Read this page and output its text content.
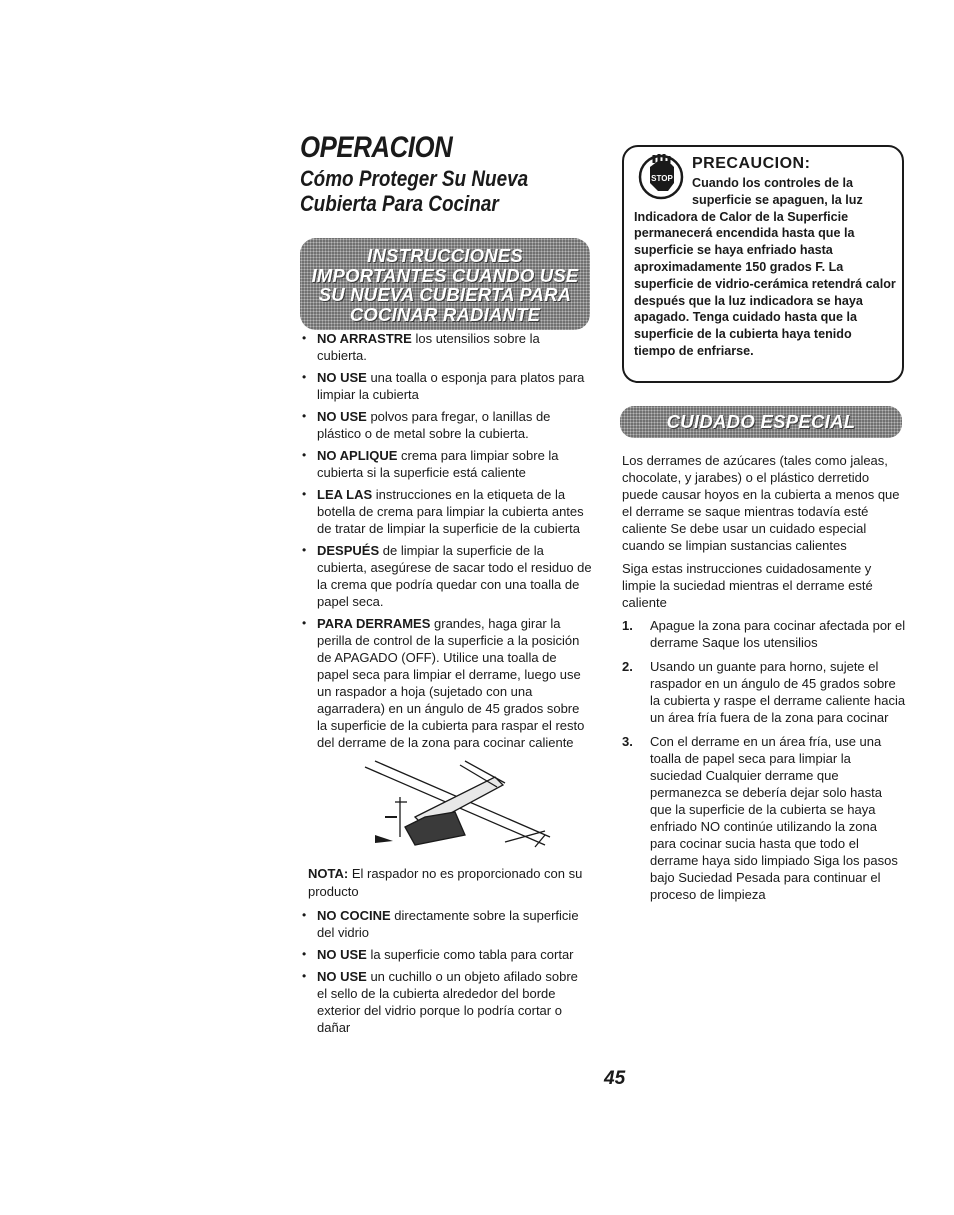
OPERACION
Cómo Proteger Su Nueva
Cubierta Para Cocinar
INSTRUCCIONES
IMPORTANTES CUANDO USE
SU NUEVA CUBIERTA PARA
COCINAR RADIANTE
• NO ARRASTRE los utensilios sobre la cubierta.
• NO USE una toalla o esponja para platos para limpiar la cubierta
• NO USE polvos para fregar, o lanillas de plástico o de metal sobre la cubierta.
• NO APLIQUE crema para limpiar sobre la cubierta si la superficie está caliente
• LEA LAS instrucciones en la etiqueta de la botella de crema para limpiar la cubierta antes de tratar de limpiar la superficie de la cubierta
• DESPUÉS de limpiar la superficie de la cubierta, asegúrese de sacar todo el residuo de la crema que podría quedar con una toalla de papel seca.
• PARA DERRAMES grandes, haga girar la perilla de control de la superficie a la posición de APAGADO (OFF). Utilice una toalla de papel seca para limpiar el derrame, luego use un raspador a hoja (sujetado con una agarradera) en un ángulo de 45 grados sobre la superficie de la cubierta para raspar el resto del derrame de la zona para cocinar caliente
NOTA: El raspador no es proporcionado con su producto
• NO COCINE directamente sobre la superficie del vidrio
• NO USE la superficie como tabla para cortar
• NO USE un cuchillo o un objeto afilado sobre el sello de la cubierta alrededor del borde exterior del vidrio porque lo podría cortar o dañar
STOP
PRECAUCION:
Cuando los controles de la
superficie se apaguen, la luz
Indicadora de Calor de la Superficie permanecerá encendida hasta que la superficie se haya enfriado hasta aproximadamente 150 grados F. La superficie de vidrio-cerámica retendrá calor después que la luz indicadora se haya apagado. Tenga cuidado hasta que la superficie de la cubierta haya tenido tiempo de enfriarse.
CUIDADO ESPECIAL

Los derrames de azúcares (tales como jaleas, chocolate, y jarabes) o el plástico derretido puede causar hoyos en la cubierta a menos que el derrame se saque mientras todavía esté caliente Se debe usar un cuidado especial cuando se limpian sustancias calientes

Siga estas instrucciones cuidadosamente y limpie la suciedad mientras el derrame esté caliente

1. Apague la zona para cocinar afectada por el derrame Saque los utensilios
2. Usando un guante para horno, sujete el raspador en un ángulo de 45 grados sobre la cubierta y raspe el derrame caliente hacia un área fría fuera de la zona para cocinar
3. Con el derrame en un área fría, use una toalla de papel seca para limpiar la suciedad Cualquier derrame que permanezca se debería dejar solo hasta que la superficie de la cubierta se haya enfriado NO continúe utilizando la zona para cocinar sucia hasta que todo el derrame haya sido limpiado Siga los pasos bajo Suciedad Pesada para continuar el proceso de limpieza
45
